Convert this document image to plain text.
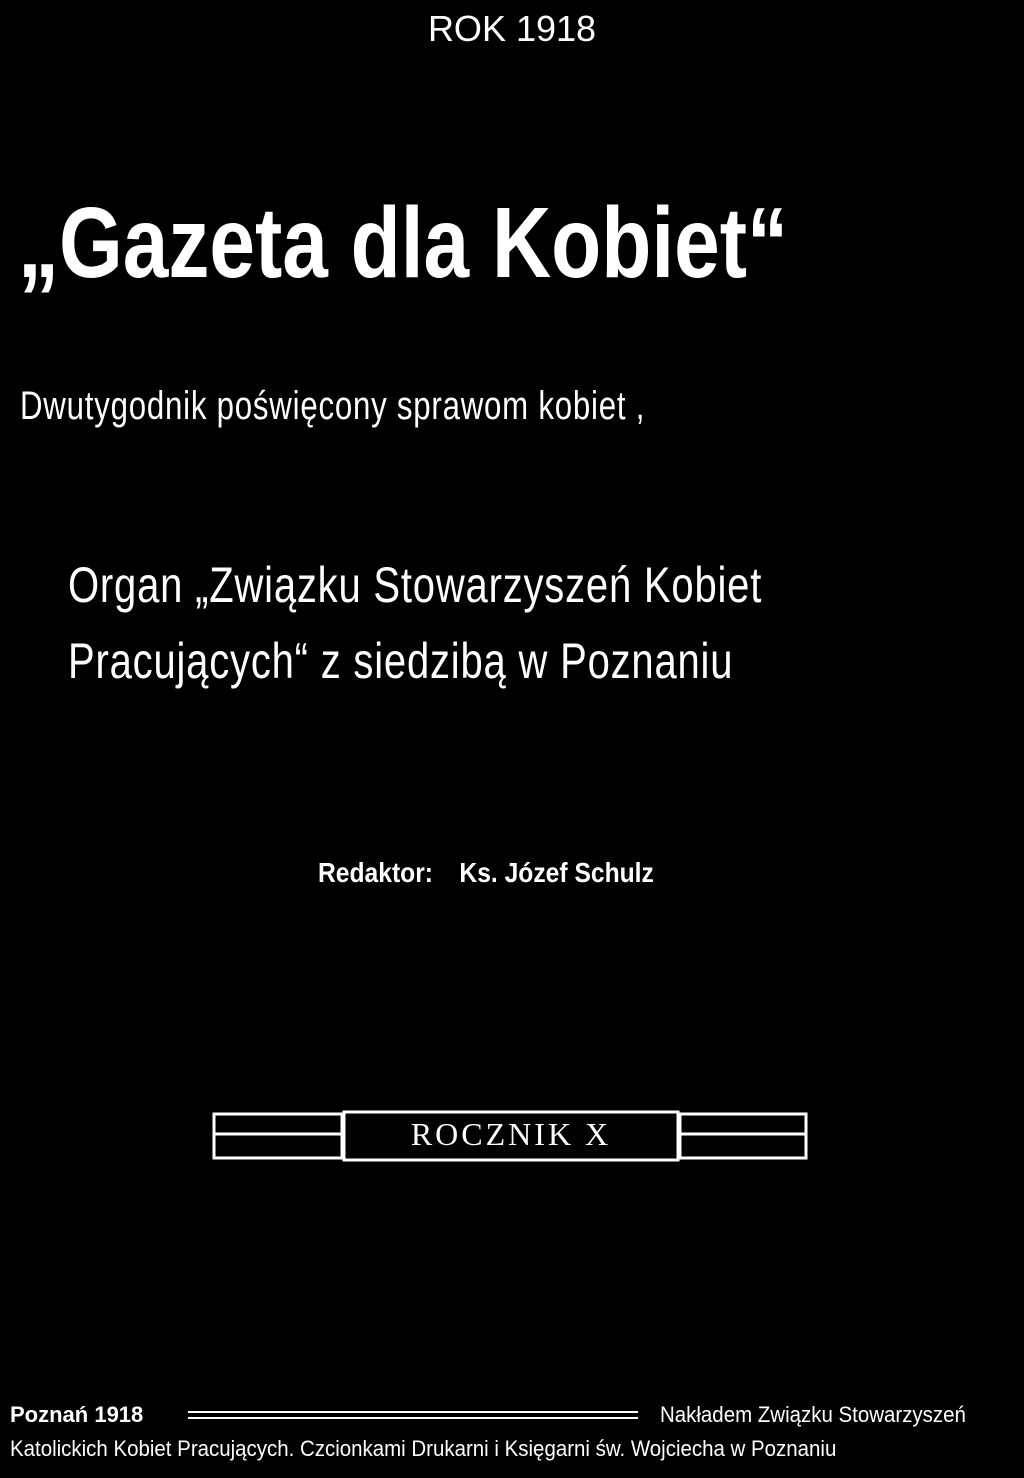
ROK 1918
„Gazeta dla Kobiet“
Dwutygodnik poświęcony sprawom kobiet ,
Organ „Związku Stowarzyszeń Kobiet
Pracujących“ z siedzibą w Poznaniu
Redaktor: Ks. Józef Schulz
ROCZNIK X
Poznań 1918	Nakładem Związku Stowarzyszeń
Katolickich Kobiet Pracujących. Czcionkami Drukarni i Księgarni św. Wojciecha w Poznaniu
